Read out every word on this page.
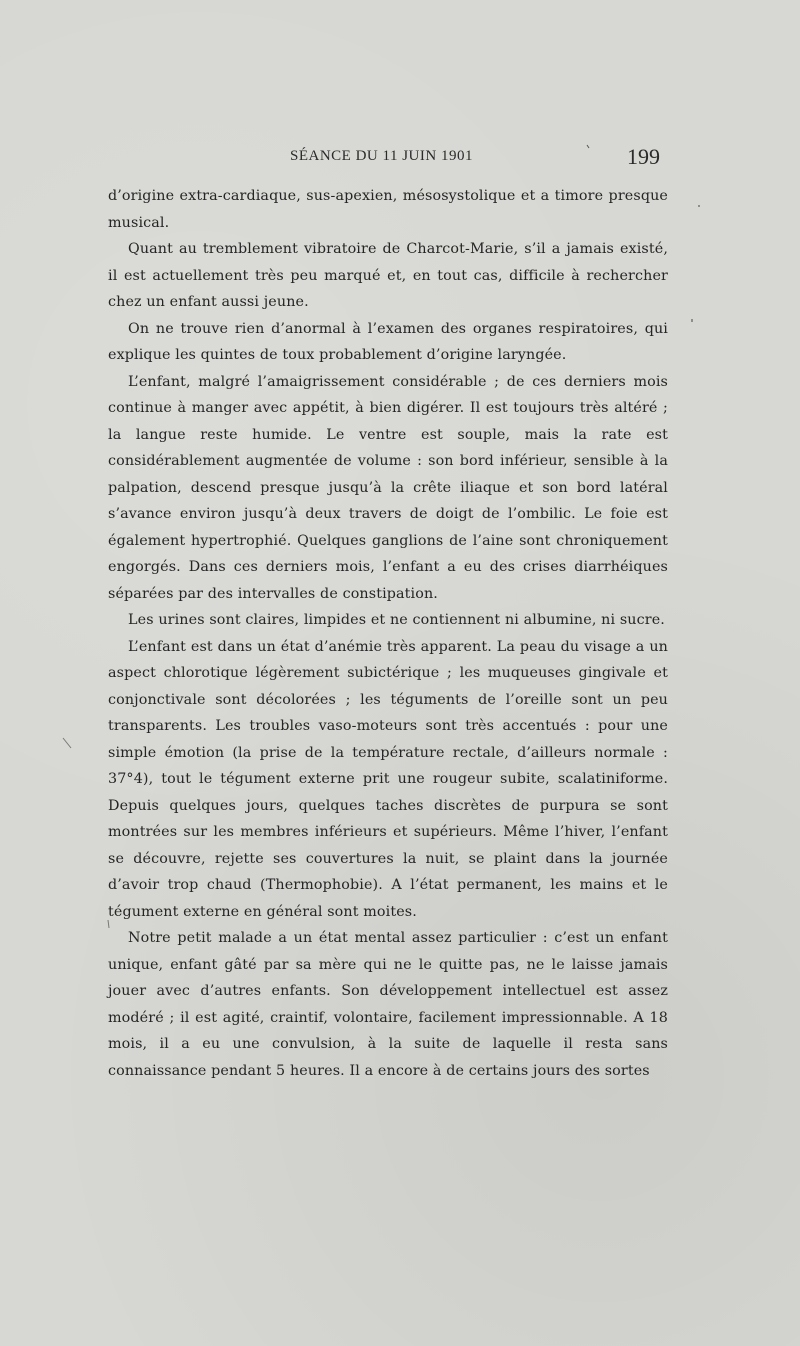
SÉANCE DU 11 JUIN 1901	199

d’origine extra-cardiaque, sus-apexien, mésosystolique et a timore presque musical.

Quant au tremblement vibratoire de Charcot-Marie, s’il a jamais existé, il est actuellement très peu marqué et, en tout cas, difficile à rechercher chez un enfant aussi jeune.

On ne trouve rien d’anormal à l’examen des organes respiratoires, qui explique les quintes de toux probablement d’origine laryngée.

L’enfant, malgré l’amaigrissement considérable ; de ces derniers mois continue à manger avec appétit, à bien digérer. Il est toujours très altéré ; la langue reste humide. Le ventre est souple, mais la rate est considérablement augmentée de volume : son bord inférieur, sensible à la palpation, descend presque jusqu’à la crête iliaque et son bord latéral s’avance environ jusqu’à deux travers de doigt de l’ombilic. Le foie est également hypertrophié. Quelques ganglions de l’aine sont chroniquement engorgés. Dans ces derniers mois, l’enfant a eu des crises diarrhéiques séparées par des intervalles de constipation.

Les urines sont claires, limpides et ne contiennent ni albumine, ni sucre.

L’enfant est dans un état d’anémie très apparent. La peau du visage a un aspect chlorotique légèrement subictérique ; les muqueuses gingivale et conjonctivale sont décolorées ; les téguments de l’oreille sont un peu transparents. Les troubles vaso-moteurs sont très accentués : pour une simple émotion (la prise de la température rectale, d’ailleurs normale : 37°4), tout le tégument externe prit une rougeur subite, scalatiniforme. Depuis quelques jours, quelques taches discrètes de purpura se sont montrées sur les membres inférieurs et supérieurs. Même l’hiver, l’enfant se découvre, rejette ses couvertures la nuit, se plaint dans la journée d’avoir trop chaud (Thermophobie). A l’état permanent, les mains et le tégument externe en général sont moites.

Notre petit malade a un état mental assez particulier : c’est un enfant unique, enfant gâté par sa mère qui ne le quitte pas, ne le laisse jamais jouer avec d’autres enfants. Son développement intellectuel est assez modéré ; il est agité, craintif, volontaire, facilement impressionnable. A 18 mois, il a eu une convulsion, à la suite de laquelle il resta sans connaissance pendant 5 heures. Il a encore à de certains jours des sortes
